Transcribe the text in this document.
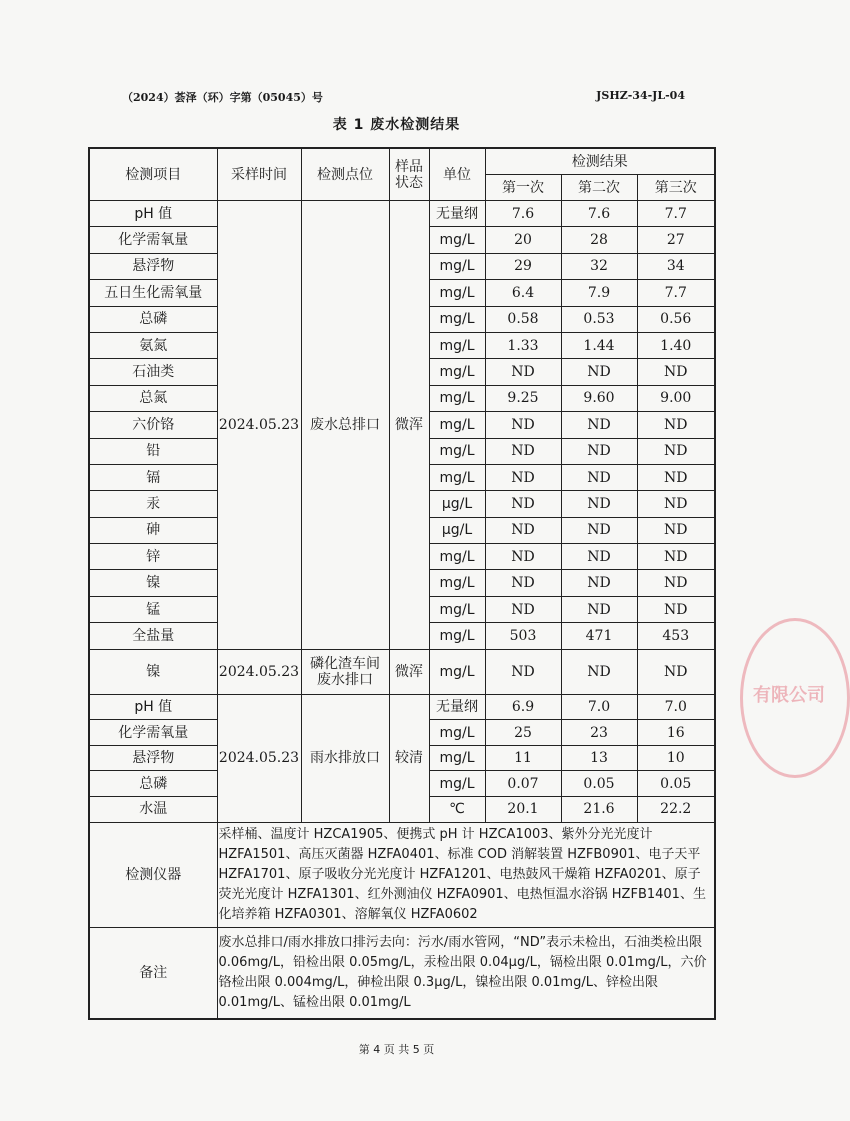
（2024）荟泽（环）字第（05045）号	JSHZ-34-JL-04
表 1 废水检测结果
有限公司
检测项目	采样时间	检测点位	样品状态	单位	检测结果		
					第一次	第二次	第三次
pH 值	2024.05.23	废水总排口	微浑	无量纲	7.6	7.6	7.7
化学需氧量				mg/L	20	28	27
悬浮物				mg/L	29	32	34
五日生化需氧量				mg/L	6.4	7.9	7.7
总磷				mg/L	0.58	0.53	0.56
氨氮				mg/L	1.33	1.44	1.40
石油类				mg/L	ND	ND	ND
总氮				mg/L	9.25	9.60	9.00
六价铬				mg/L	ND	ND	ND
铅				mg/L	ND	ND	ND
镉				mg/L	ND	ND	ND
汞				μg/L	ND	ND	ND
砷				μg/L	ND	ND	ND
锌				mg/L	ND	ND	ND
镍				mg/L	ND	ND	ND
锰				mg/L	ND	ND	ND
全盐量				mg/L	503	471	453
镍	2024.05.23	磷化渣车间废水排口	微浑	mg/L	ND	ND	ND
pH 值	2024.05.23	雨水排放口	较清	无量纲	6.9	7.0	7.0
化学需氧量				mg/L	25	23	16
悬浮物				mg/L	11	13	10
总磷				mg/L	0.07	0.05	0.05
水温				℃	20.1	21.6	22.2
检测仪器	采样桶、温度计 HZCA1905、便携式 pH 计 HZCA1003、紫外分光光度计 HZFA1501、高压灭菌器 HZFA0401、标准 COD 消解装置 HZFB0901、电子天平 HZFA1701、原子吸收分光光度计 HZFA1201、电热鼓风干燥箱 HZFA0201、原子荧光光度计 HZFA1301、红外测油仪 HZFA0901、电热恒温水浴锅 HZFB1401、生化培养箱 HZFA0301、溶解氧仪 HZFA0602						
备注	废水总排口/雨水排放口排污去向：污水/雨水管网，“ND”表示未检出，石油类检出限 0.06mg/L，铅检出限 0.05mg/L，汞检出限 0.04μg/L，镉检出限 0.01mg/L，六价铬检出限 0.004mg/L，砷检出限 0.3μg/L，镍检出限 0.01mg/L、锌检出限 0.01mg/L、锰检出限 0.01mg/L						
第 4 页 共 5 页
